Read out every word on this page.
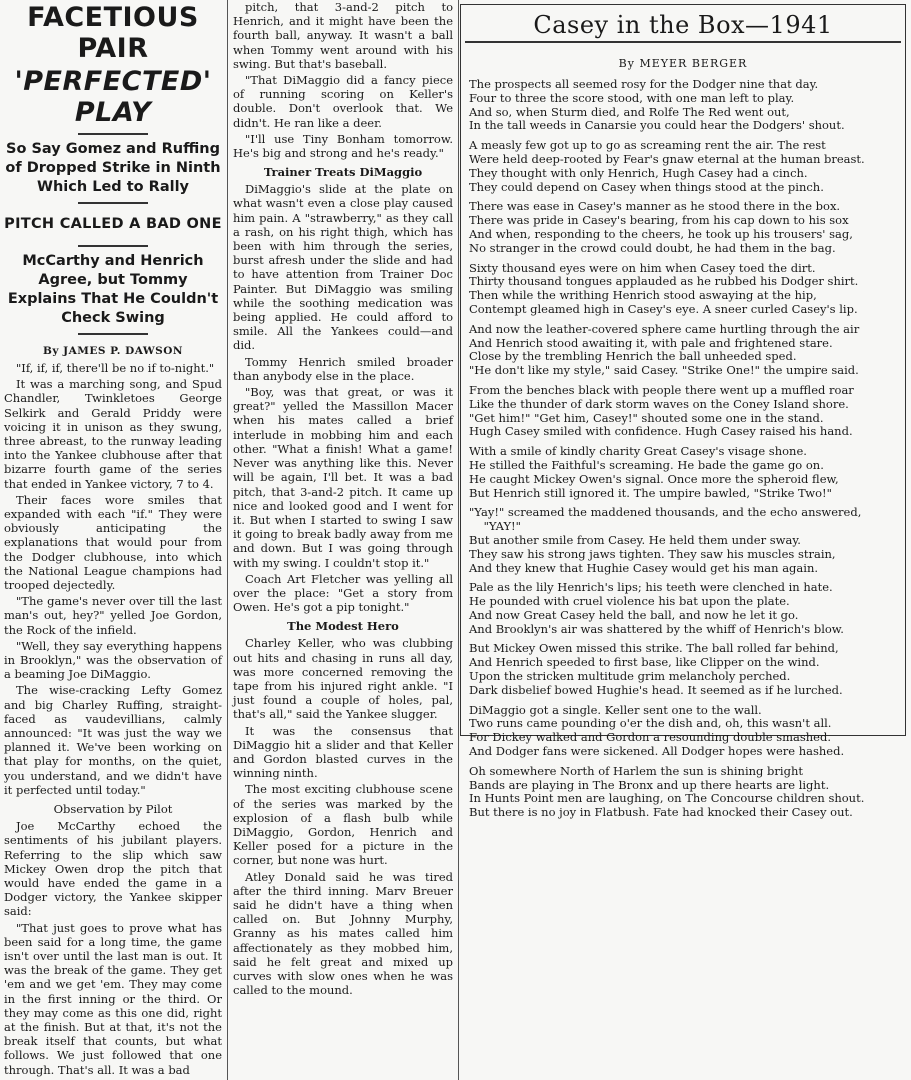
FACETIOUS PAIR
'PERFECTED' PLAY
So Say Gomez and Ruffing of Dropped Strike in Ninth Which Led to Rally
PITCH CALLED A BAD ONE
McCarthy and Henrich Agree, but Tommy Explains That He Couldn't Check Swing
By JAMES P. DAWSON
"If, if, if, there'll be no if to-night."
It was a marching song, and Spud Chandler, Twinkletoes George Selkirk and Gerald Priddy were voicing it in unison as they swung, three abreast, to the runway leading into the Yankee clubhouse after that bizarre fourth game of the series that ended in Yankee victory, 7 to 4.
Their faces wore smiles that expanded with each "if." They were obviously anticipating the explanations that would pour from the Dodger clubhouse, into which the National League champions had trooped dejectedly.
"The game's never over till the last man's out, hey?" yelled Joe Gordon, the Rock of the infield.
"Well, they say everything happens in Brooklyn," was the observation of a beaming Joe DiMaggio.
The wise-cracking Lefty Gomez and big Charley Ruffing, straight-faced as vaudevillians, calmly announced: "It was just the way we planned it. We've been working on that play for months, on the quiet, you understand, and we didn't have it perfected until today."
Observation by Pilot
Joe McCarthy echoed the sentiments of his jubilant players. Referring to the slip which saw Mickey Owen drop the pitch that would have ended the game in a Dodger victory, the Yankee skipper said:
"That just goes to prove what has been said for a long time, the game isn't over until the last man is out. It was the break of the game. They get 'em and we get 'em. They may come in the first inning or the third. Or they may come as this one did, right at the finish. But at that, it's not the break itself that counts, but what follows. We just followed that one through. That's all. It was a bad
pitch, that 3-and-2 pitch to Henrich, and it might have been the fourth ball, anyway. It wasn't a ball when Tommy went around with his swing. But that's baseball.
"That DiMaggio did a fancy piece of running scoring on Keller's double. Don't overlook that. We didn't. He ran like a deer.
"I'll use Tiny Bonham tomorrow. He's big and strong and he's ready."
Trainer Treats DiMaggio
DiMaggio's slide at the plate on what wasn't even a close play caused him pain. A "strawberry," as they call a rash, on his right thigh, which has been with him through the series, burst afresh under the slide and had to have attention from Trainer Doc Painter. But DiMaggio was smiling while the soothing medication was being applied. He could afford to smile. All the Yankees could—and did.
Tommy Henrich smiled broader than anybody else in the place.
"Boy, was that great, or was it great?" yelled the Massillon Macer when his mates called a brief interlude in mobbing him and each other. "What a finish! What a game! Never was anything like this. Never will be again, I'll bet. It was a bad pitch, that 3-and-2 pitch. It came up nice and looked good and I went for it. But when I started to swing I saw it going to break badly away from me and down. But I was going through with my swing. I couldn't stop it."
Coach Art Fletcher was yelling all over the place: "Get a story from Owen. He's got a pip tonight."
The Modest Hero
Charley Keller, who was clubbing out hits and chasing in runs all day, was more concerned removing the tape from his injured right ankle. "I just found a couple of holes, pal, that's all," said the Yankee slugger.
It was the consensus that DiMaggio hit a slider and that Keller and Gordon blasted curves in the winning ninth.
The most exciting clubhouse scene of the series was marked by the explosion of a flash bulb while DiMaggio, Gordon, Henrich and Keller posed for a picture in the corner, but none was hurt.
Atley Donald said he was tired after the third inning. Marv Breuer said he didn't have a thing when called on. But Johnny Murphy, Granny as his mates called him affectionately as they mobbed him, said he felt great and mixed up curves with slow ones when he was called to the mound.
Casey in the Box—1941
By MEYER BERGER
The prospects all seemed rosy for the Dodger nine that day.
Four to three the score stood, with one man left to play.
And so, when Sturm died, and Rolfe The Red went out,
In the tall weeds in Canarsie you could hear the Dodgers' shout.
A measly few got up to go as screaming rent the air. The rest
Were held deep-rooted by Fear's gnaw eternal at the human breast.
They thought with only Henrich, Hugh Casey had a cinch.
They could depend on Casey when things stood at the pinch.
There was ease in Casey's manner as he stood there in the box.
There was pride in Casey's bearing, from his cap down to his sox
And when, responding to the cheers, he took up his trousers' sag,
No stranger in the crowd could doubt, he had them in the bag.
Sixty thousand eyes were on him when Casey toed the dirt.
Thirty thousand tongues applauded as he rubbed his Dodger shirt.
Then while the writhing Henrich stood aswaying at the hip,
Contempt gleamed high in Casey's eye. A sneer curled Casey's lip.
And now the leather-covered sphere came hurtling through the air
And Henrich stood awaiting it, with pale and frightened stare.
Close by the trembling Henrich the ball unheeded sped.
"He don't like my style," said Casey. "Strike One!" the umpire said.
From the benches black with people there went up a muffled roar
Like the thunder of dark storm waves on the Coney Island shore.
"Get him!" "Get him, Casey!" shouted some one in the stand.
Hugh Casey smiled with confidence. Hugh Casey raised his hand.
With a smile of kindly charity Great Casey's visage shone.
He stilled the Faithful's screaming. He bade the game go on.
He caught Mickey Owen's signal. Once more the spheroid flew,
But Henrich still ignored it. The umpire bawled, "Strike Two!"
"Yay!" screamed the maddened thousands, and the echo answered,
"YAY!"
But another smile from Casey. He held them under sway.
They saw his strong jaws tighten. They saw his muscles strain,
And they knew that Hughie Casey would get his man again.
Pale as the lily Henrich's lips; his teeth were clenched in hate.
He pounded with cruel violence his bat upon the plate.
And now Great Casey held the ball, and now he let it go.
And Brooklyn's air was shattered by the whiff of Henrich's blow.
But Mickey Owen missed this strike. The ball rolled far behind,
And Henrich speeded to first base, like Clipper on the wind.
Upon the stricken multitude grim melancholy perched.
Dark disbelief bowed Hughie's head. It seemed as if he lurched.
DiMaggio got a single. Keller sent one to the wall.
Two runs came pounding o'er the dish and, oh, this wasn't all.
For Dickey walked and Gordon a resounding double smashed.
And Dodger fans were sickened. All Dodger hopes were hashed.
Oh somewhere North of Harlem the sun is shining bright
Bands are playing in The Bronx and up there hearts are light.
In Hunts Point men are laughing, on The Concourse children shout.
But there is no joy in Flatbush. Fate had knocked their Casey out.
